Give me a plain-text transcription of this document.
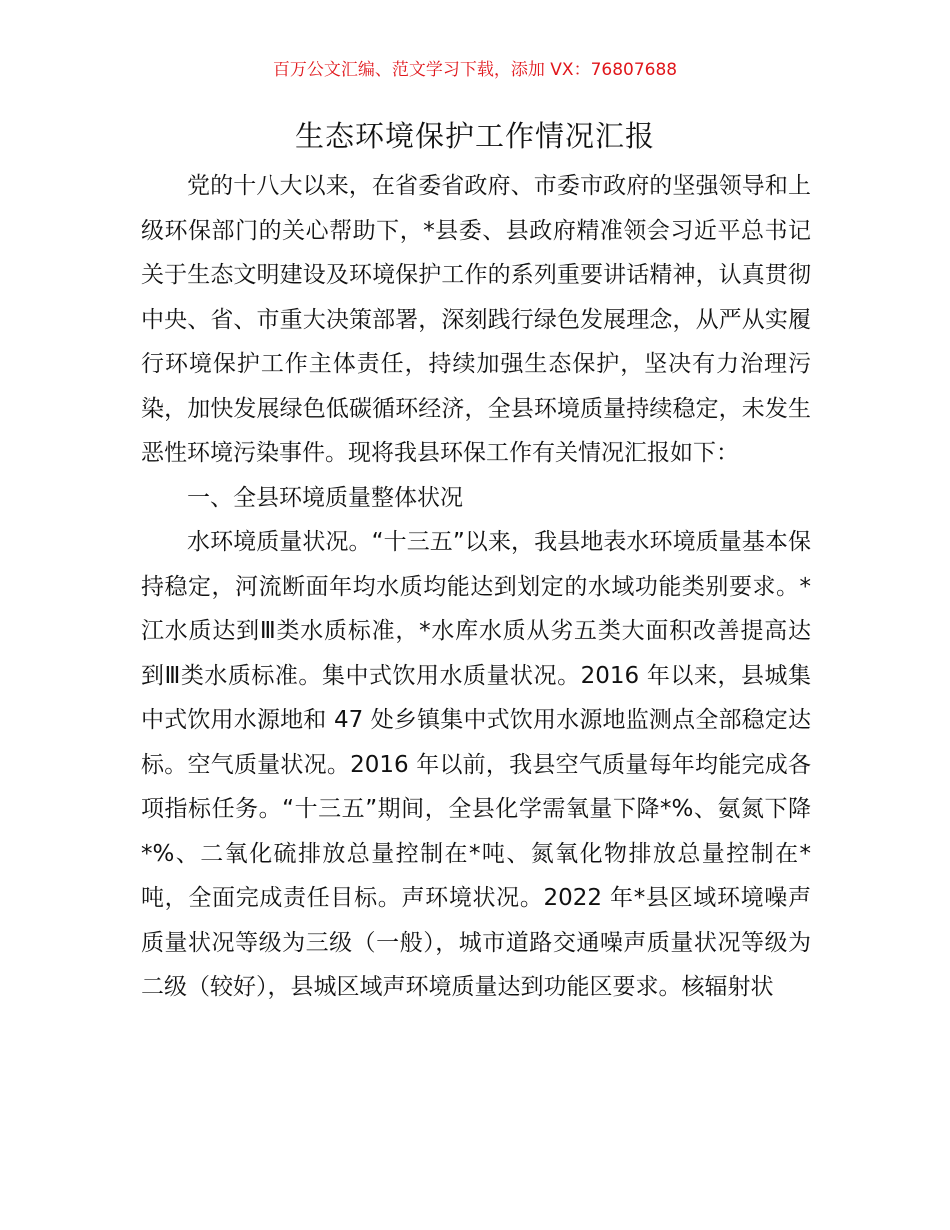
百万公文汇编、范文学习下载，添加 VX：76807688
生态环境保护工作情况汇报

党的十八大以来，在省委省政府、市委市政府的坚强领导和上级环保部门的关心帮助下，*县委、县政府精准领会习近平总书记关于生态文明建设及环境保护工作的系列重要讲话精神，认真贯彻中央、省、市重大决策部署，深刻践行绿色发展理念，从严从实履行环境保护工作主体责任，持续加强生态保护，坚决有力治理污染，加快发展绿色低碳循环经济，全县环境质量持续稳定，未发生恶性环境污染事件。现将我县环保工作有关情况汇报如下：

一、全县环境质量整体状况

水环境质量状况。“十三五”以来，我县地表水环境质量基本保持稳定，河流断面年均水质均能达到划定的水域功能类别要求。*江水质达到Ⅲ类水质标准，*水库水质从劣五类大面积改善提高达到Ⅲ类水质标准。集中式饮用水质量状况。2016 年以来，县城集中式饮用水源地和 47 处乡镇集中式饮用水源地监测点全部稳定达标。空气质量状况。2016 年以前，我县空气质量每年均能完成各项指标任务。“十三五”期间，全县化学需氧量下降*%、氨氮下降*%、二氧化硫排放总量控制在*吨、氮氧化物排放总量控制在*吨，全面完成责任目标。声环境状况。2022 年*县区域环境噪声质量状况等级为三级（一般），城市道路交通噪声质量状况等级为二级（较好），县城区域声环境质量达到功能区要求。核辐射状
